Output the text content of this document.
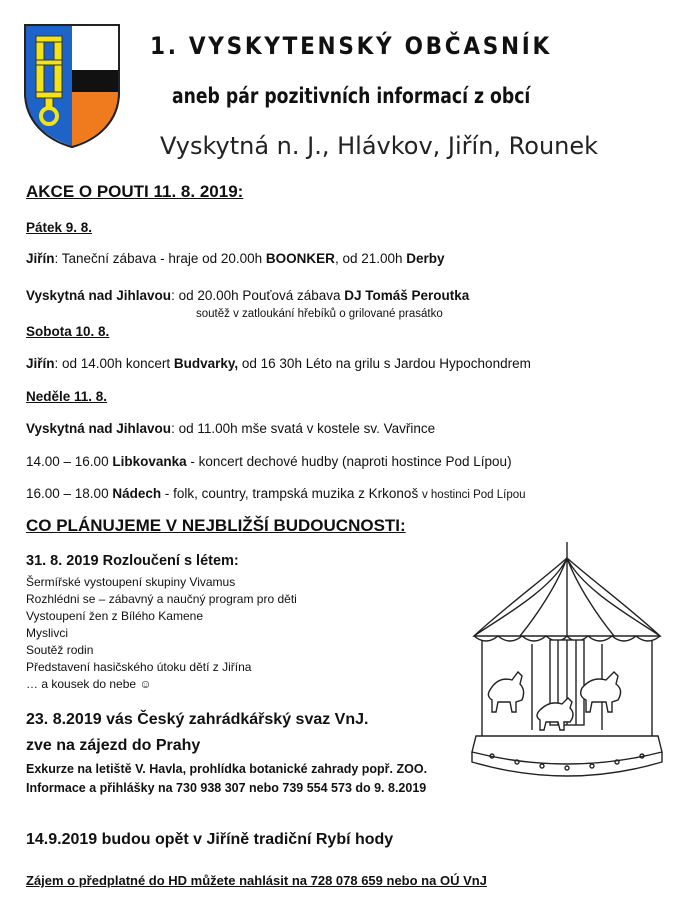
1. VYSKYTENSKÝ OBČASNÍK
aneb pár pozitivních informací z obcí
Vyskytná n. J., Hlávkov, Jiřín, Rounek
AKCE O POUTI 11. 8. 2019:
Pátek 9. 8.
Jiřín: Taneční zábava - hraje od 20.00h BOONKER, od 21.00h Derby
Vyskytná nad Jihlavou: od 20.00h Pouťová zábava DJ Tomáš Peroutka
soutěž v zatloukání hřebíků o grilované prasátko
Sobota 10. 8.
Jiřín: od 14.00h koncert Budvarky, od 16 30h Léto na grilu s Jardou Hypochondrem
Neděle 11. 8.
Vyskytná nad Jihlavou: od 11.00h mše svatá v kostele sv. Vavřince
14.00 – 16.00 Libkovanka - koncert dechové hudby (naproti hostince Pod Lípou)
16.00 – 18.00 Nádech - folk, country, trampská muzika z Krkonoš v hostinci Pod Lípou
CO PLÁNUJEME V NEJBLIŽŠÍ BUDOUCNOSTI:
31. 8. 2019 Rozloučení s létem:
Šermířské vystoupení skupiny Vivamus
Rozhlédni se – zábavný a naučný program pro děti
Vystoupení žen z Bílého Kamene
Myslivci
Soutěž rodin
Představení hasičského útoku dětí z Jiřína
… a kousek do nebe ☺
23. 8.2019 vás Český zahrádkářský svaz VnJ.
zve na zájezd do Prahy
Exkurze na letiště V. Havla, prohlídka botanické zahrady popř. ZOO.
Informace a přihlášky na 730 938 307 nebo 739 554 573 do 9. 8.2019
14.9.2019 budou opět v Jiříně tradiční Rybí hody
Zájem o předplatné do HD můžete nahlásit na 728 078 659 nebo na OÚ VnJ
